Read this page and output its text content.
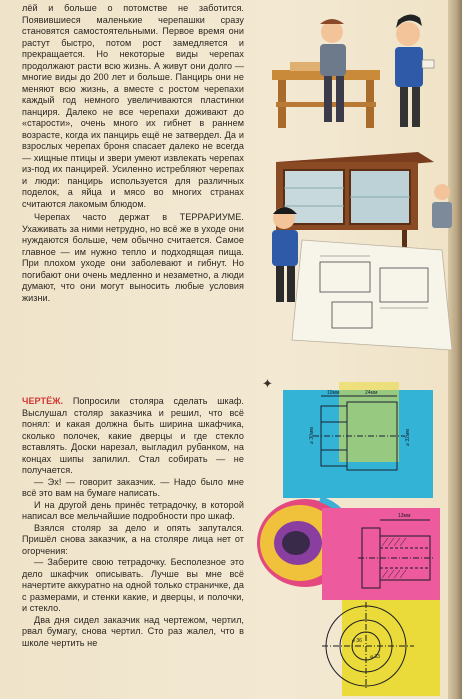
лёй и больше о потомстве не заботится. Появившиеся маленькие черепашки сразу становятся самостоятельными. Первое время они растут быстро, потом рост замедляется и прекращается. Но некоторые виды черепах продолжают расти всю жизнь. А живут они долго — многие виды до 200 лет и больше. Панцирь они не меняют всю жизнь, а вместе с ростом черепахи каждый год немного увеличиваются пластинки панциря. Далеко не все черепахи доживают до «старости», очень много их гибнет в раннем возрасте, когда их панцирь ещё не затвердел. Да и взрослых черепах броня спасает далеко не всегда — хищные птицы и звери умеют извлекать черепах из-под их панцирей. Усиленно истребляют черепах и люди: панцирь используется для различных поделок, а яйца и мясо во многих странах считаются лакомым блюдом.

Черепах часто держат в ТЕРРАРИУМЕ. Ухаживать за ними нетрудно, но всё же в уходе они нуждаются больше, чем обычно считается. Самое главное — им нужно тепло и подходящая пища. При плохом уходе они заболевают и гибнут. Но погибают они очень медленно и незаметно, а люди думают, что они могут выносить любые условия жизни.

ЧЕРТЁЖ. Попросили столяра сделать шкаф. Выслушал столяр заказчика и решил, что всё понял: и какая должна быть ширина шкафчика, сколько полочек, какие дверцы и где стекло вставлять. Доски нарезал, выгладил рубанком, на концах шипы запилил. Стал собирать — не получается.

— Эх! — говорит заказчик. — Надо было мне всё это вам на бумаге написать.

И на другой день принёс тетрадочку, в которой написал все мельчайшие подробности про шкаф.

Взялся столяр за дело и опять запутался. Пришёл снова заказчик, а на столяре лица нет от огорчения:

— Заберите свою тетрадочку. Бесполезное это дело шкафчик описывать. Лучше вы мне всё начертите аккуратно на одной только страничке, да с размерами, и стенки какие, и дверцы, и полочки, и стекло.

Два дня сидел заказчик над чертежом, чертил, рвал бумагу, снова чертил. Сто раз жалел, что в школе чертить не

✦
10мм	24мм
⌀ 30мм	⌀ 32мм
13мм
⌀ 36
⌀ 33
